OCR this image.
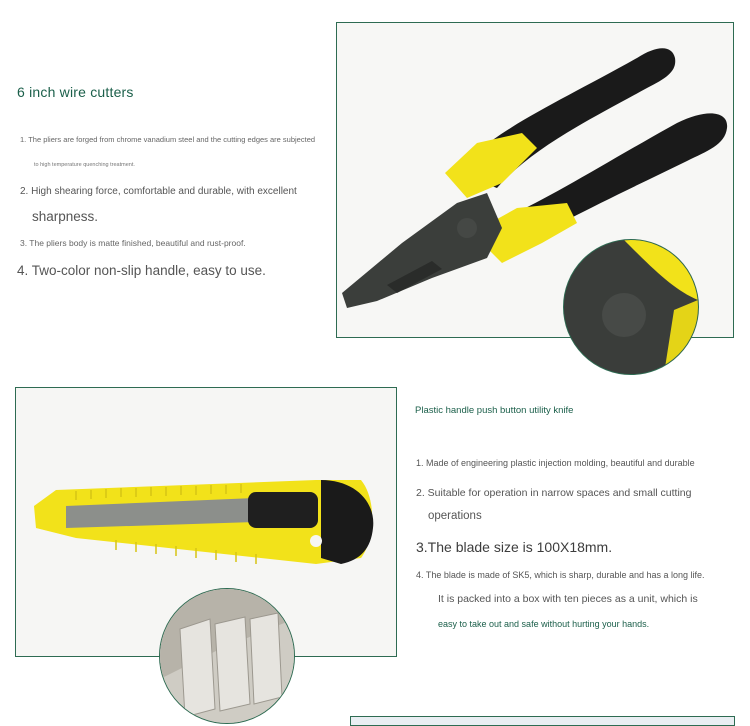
6 inch wire cutters
1. The pliers are forged from chrome vanadium steel and the cutting edges are subjected
to high temperature quenching treatment.
2. High shearing force, comfortable and durable, with excellent
sharpness.
3. The pliers body is matte finished, beautiful and rust-proof.
4. Two-color non-slip handle, easy to use.
Plastic handle push button utility knife
1. Made of engineering plastic injection molding, beautiful and durable
2. Suitable for operation in narrow spaces and small cutting
operations
3.The blade size is 100X18mm.
4. The blade is made of SK5, which is sharp, durable and has a long life.
It is packed into a box with ten pieces as a unit, which is
easy to take out and safe without hurting your hands.
